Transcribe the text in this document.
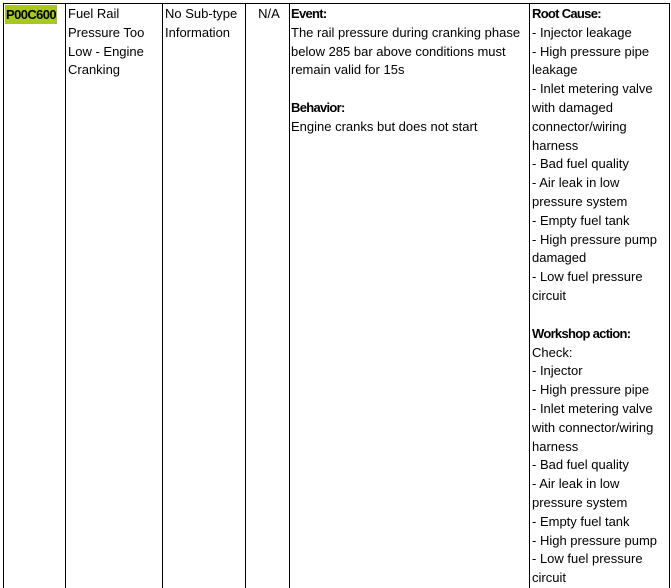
P00C600 Fuel Rail Pressure Too Low - Engine Cranking
No Sub-type Information
N/A Event:

The rail pressure during cranking phase below 285 bar above conditions must remain valid for 15s

Behavior:

Engine cranks but does not start

Root Cause:

- Injector leakage

- High pressure pipe leakage

- Inlet metering valve with damaged connector/wiring harness

- Bad fuel quality

- Air leak in low pressure system

- Empty fuel tank

- High pressure pump damaged

- Low fuel pressure circuit

Workshop action:

Check:

- Injector

- High pressure pipe

- Inlet metering valve with connector/wiring harness

- Bad fuel quality

- Air leak in low pressure system

- Empty fuel tank

- High pressure pump

- Low fuel pressure circuit
